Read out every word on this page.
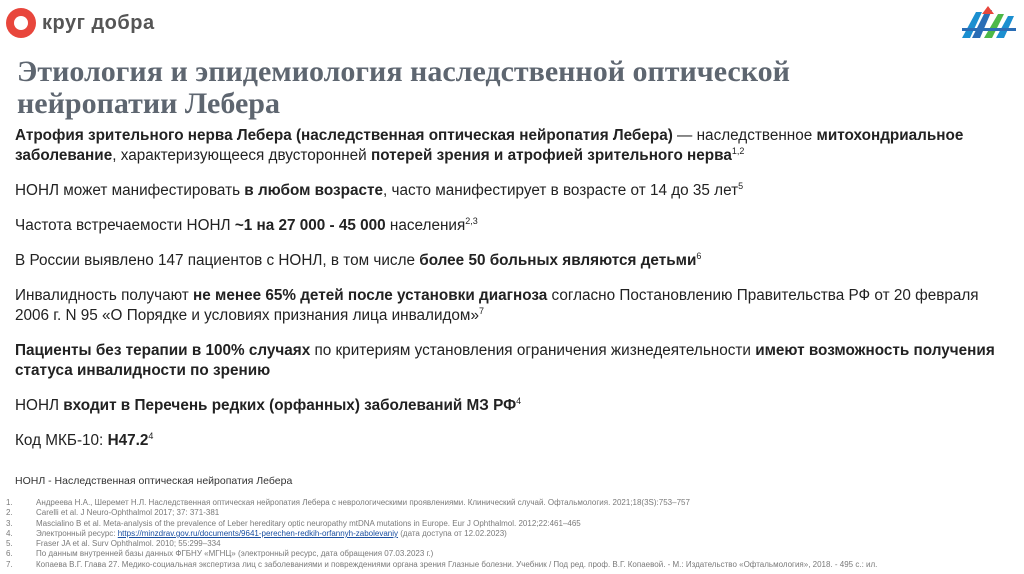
круг добра
Этиология и эпидемиология наследственной оптической нейропатии Лебера

Атрофия зрительного нерва Лебера (наследственная оптическая нейропатия Лебера) — наследственное митохондриальное заболевание, характеризующееся двусторонней потерей зрения и атрофией зрительного нерва$^{1,2}$

НОНЛ может манифестировать в любом возрасте, часто манифестирует в возрасте от 14 до 35 лет$^5$

Частота встречаемости НОНЛ ~1 на 27 000 - 45 000 населения$^{2,3}$

В России выявлено 147 пациентов с НОНЛ, в том числе более 50 больных являются детьми$^6$

Инвалидность получают не менее 65% детей после установки диагноза согласно Постановлению Правительства РФ от 20 февраля 2006 г. N 95 «О Порядке и условиях признания лица инвалидом»$^7$

Пациенты без терапии в 100% случаях по критериям установления ограничения жизнедеятельности имеют возможность получения статуса инвалидности по зрению

НОНЛ входит в Перечень редких (орфанных) заболеваний МЗ $РФ^4$

Код МКБ-10: H47.2$^4$

НОНЛ - Наследственная оптическая нейропатия Лебера
1.	Андреева Н.А., Шеремет Н.Л. Наследственная оптическая нейропатия Лебера с неврологическими проявлениями. Клинический случай. Офтальмология. 2021;18(3S):753–757
2.	Carelli et al. J Neuro-Ophthalmol 2017; 37: 371-381
3.	Mascialino B et al. Meta-analysis of the prevalence of Leber hereditary optic neuropathy mtDNA mutations in Europe. Eur J Ophthalmol. 2012;22:461–465
4.	Электронный ресурс: https://minzdrav.gov.ru/documents/9641-perechen-redkih-orfannyh-zabolevaniy (дата доступа от 12.02.2023)
5.	Fraser JA et al. Surv Ophthalmol. 2010; 55:299–334
6.	По данным внутренней базы данных ФГБНУ «МГНЦ» (электронный ресурс, дата обращения 07.03.2023 г.)
7.	Копаева В.Г. Глава 27. Медико-социальная экспертиза лиц с заболеваниями и повреждениями органа зрения Глазные болезни. Учебник / Под ред. проф. В.Г. Копаевой. - М.: Издательство «Офтальмология», 2018. - 495 с.: ил.
